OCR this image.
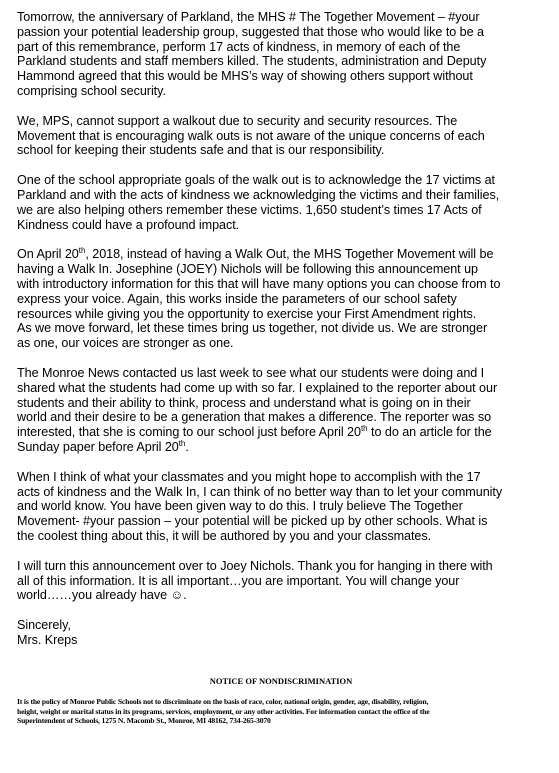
Tomorrow, the anniversary of Parkland, the MHS # The Together Movement – #your
passion your potential leadership group, suggested that those who would like to be a
part of this remembrance, perform 17 acts of kindness, in memory of each of the
Parkland students and staff members killed. The students, administration and Deputy
Hammond agreed that this would be MHS’s way of showing others support without
comprising school security.

We, MPS, cannot support a walkout due to security and security resources. The
Movement that is encouraging walk outs is not aware of the unique concerns of each
school for keeping their students safe and that is our responsibility.

One of the school appropriate goals of the walk out is to acknowledge the 17 victims at
Parkland and with the acts of kindness we acknowledging the victims and their families,
we are also helping others remember these victims. 1,650 student’s times 17 Acts of
Kindness could have a profound impact.

On April 20th, 2018, instead of having a Walk Out, the MHS Together Movement will be
having a Walk In. Josephine (JOEY) Nichols will be following this announcement up
with introductory information for this that will have many options you can choose from to
express your voice. Again, this works inside the parameters of our school safety
resources while giving you the opportunity to exercise your First Amendment rights.
As we move forward, let these times bring us together, not divide us. We are stronger
as one, our voices are stronger as one.

The Monroe News contacted us last week to see what our students were doing and I
shared what the students had come up with so far. I explained to the reporter about our
students and their ability to think, process and understand what is going on in their
world and their desire to be a generation that makes a difference. The reporter was so
interested, that she is coming to our school just before April 20th to do an article for the
Sunday paper before April 20th.

When I think of what your classmates and you might hope to accomplish with the 17
acts of kindness and the Walk In, I can think of no better way than to let your community
and world know. You have been given way to do this. I truly believe The Together
Movement- #your passion – your potential will be picked up by other schools. What is
the coolest thing about this, it will be authored by you and your classmates.

I will turn this announcement over to Joey Nichols. Thank you for hanging in there with
all of this information. It is all important…you are important. You will change your
world……you already have ☺.

Sincerely,
Mrs. Kreps

NOTICE OF NONDISCRIMINATION
It is the policy of Monroe Public Schools not to discriminate on the basis of race, color, national origin, gender, age, disability, religion,
height, weight or marital status in its programs, services, employment, or any other activities. For information contact the office of the
Superintendent of Schools, 1275 N. Macomb St., Monroe, MI 48162, 734-265-3070
